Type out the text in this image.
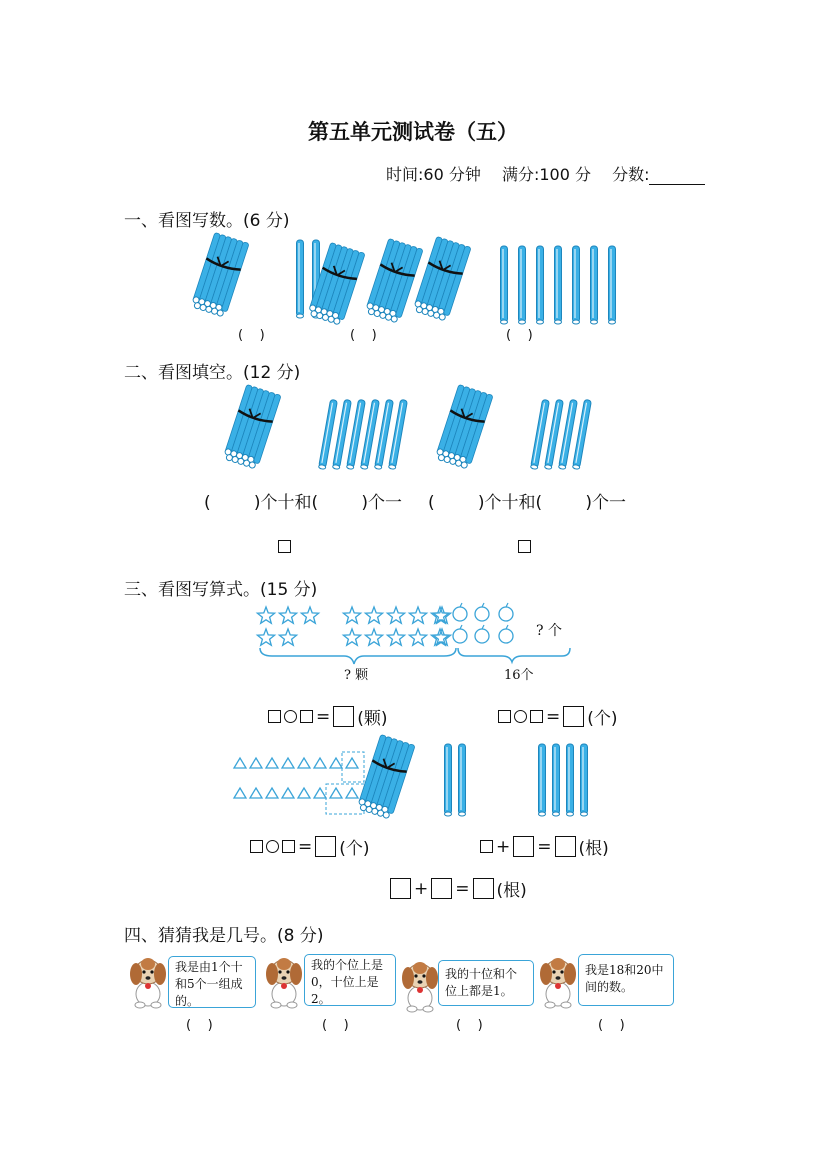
第五单元测试卷（五）
时间:60 分钟 满分:100 分 分数:
一、看图写数。(6 分)
(    )	(    )	(    )
二、看图填空。(12 分)
(        )个十和(        )个一 (        )个十和(        )个一
三、看图写算式。(15 分)
? 颗	16个
? 个
= (颗)	= (个)
= (个)	+ = (根)
+ = (根)
四、猜猜我是几号。(8 分)
我是由1个十和5个一组成的。
我的个位上是0，十位上是2。
我的十位和个位上都是1。
我是18和20中间的数。
(    )	(    )	(    )	(    )
